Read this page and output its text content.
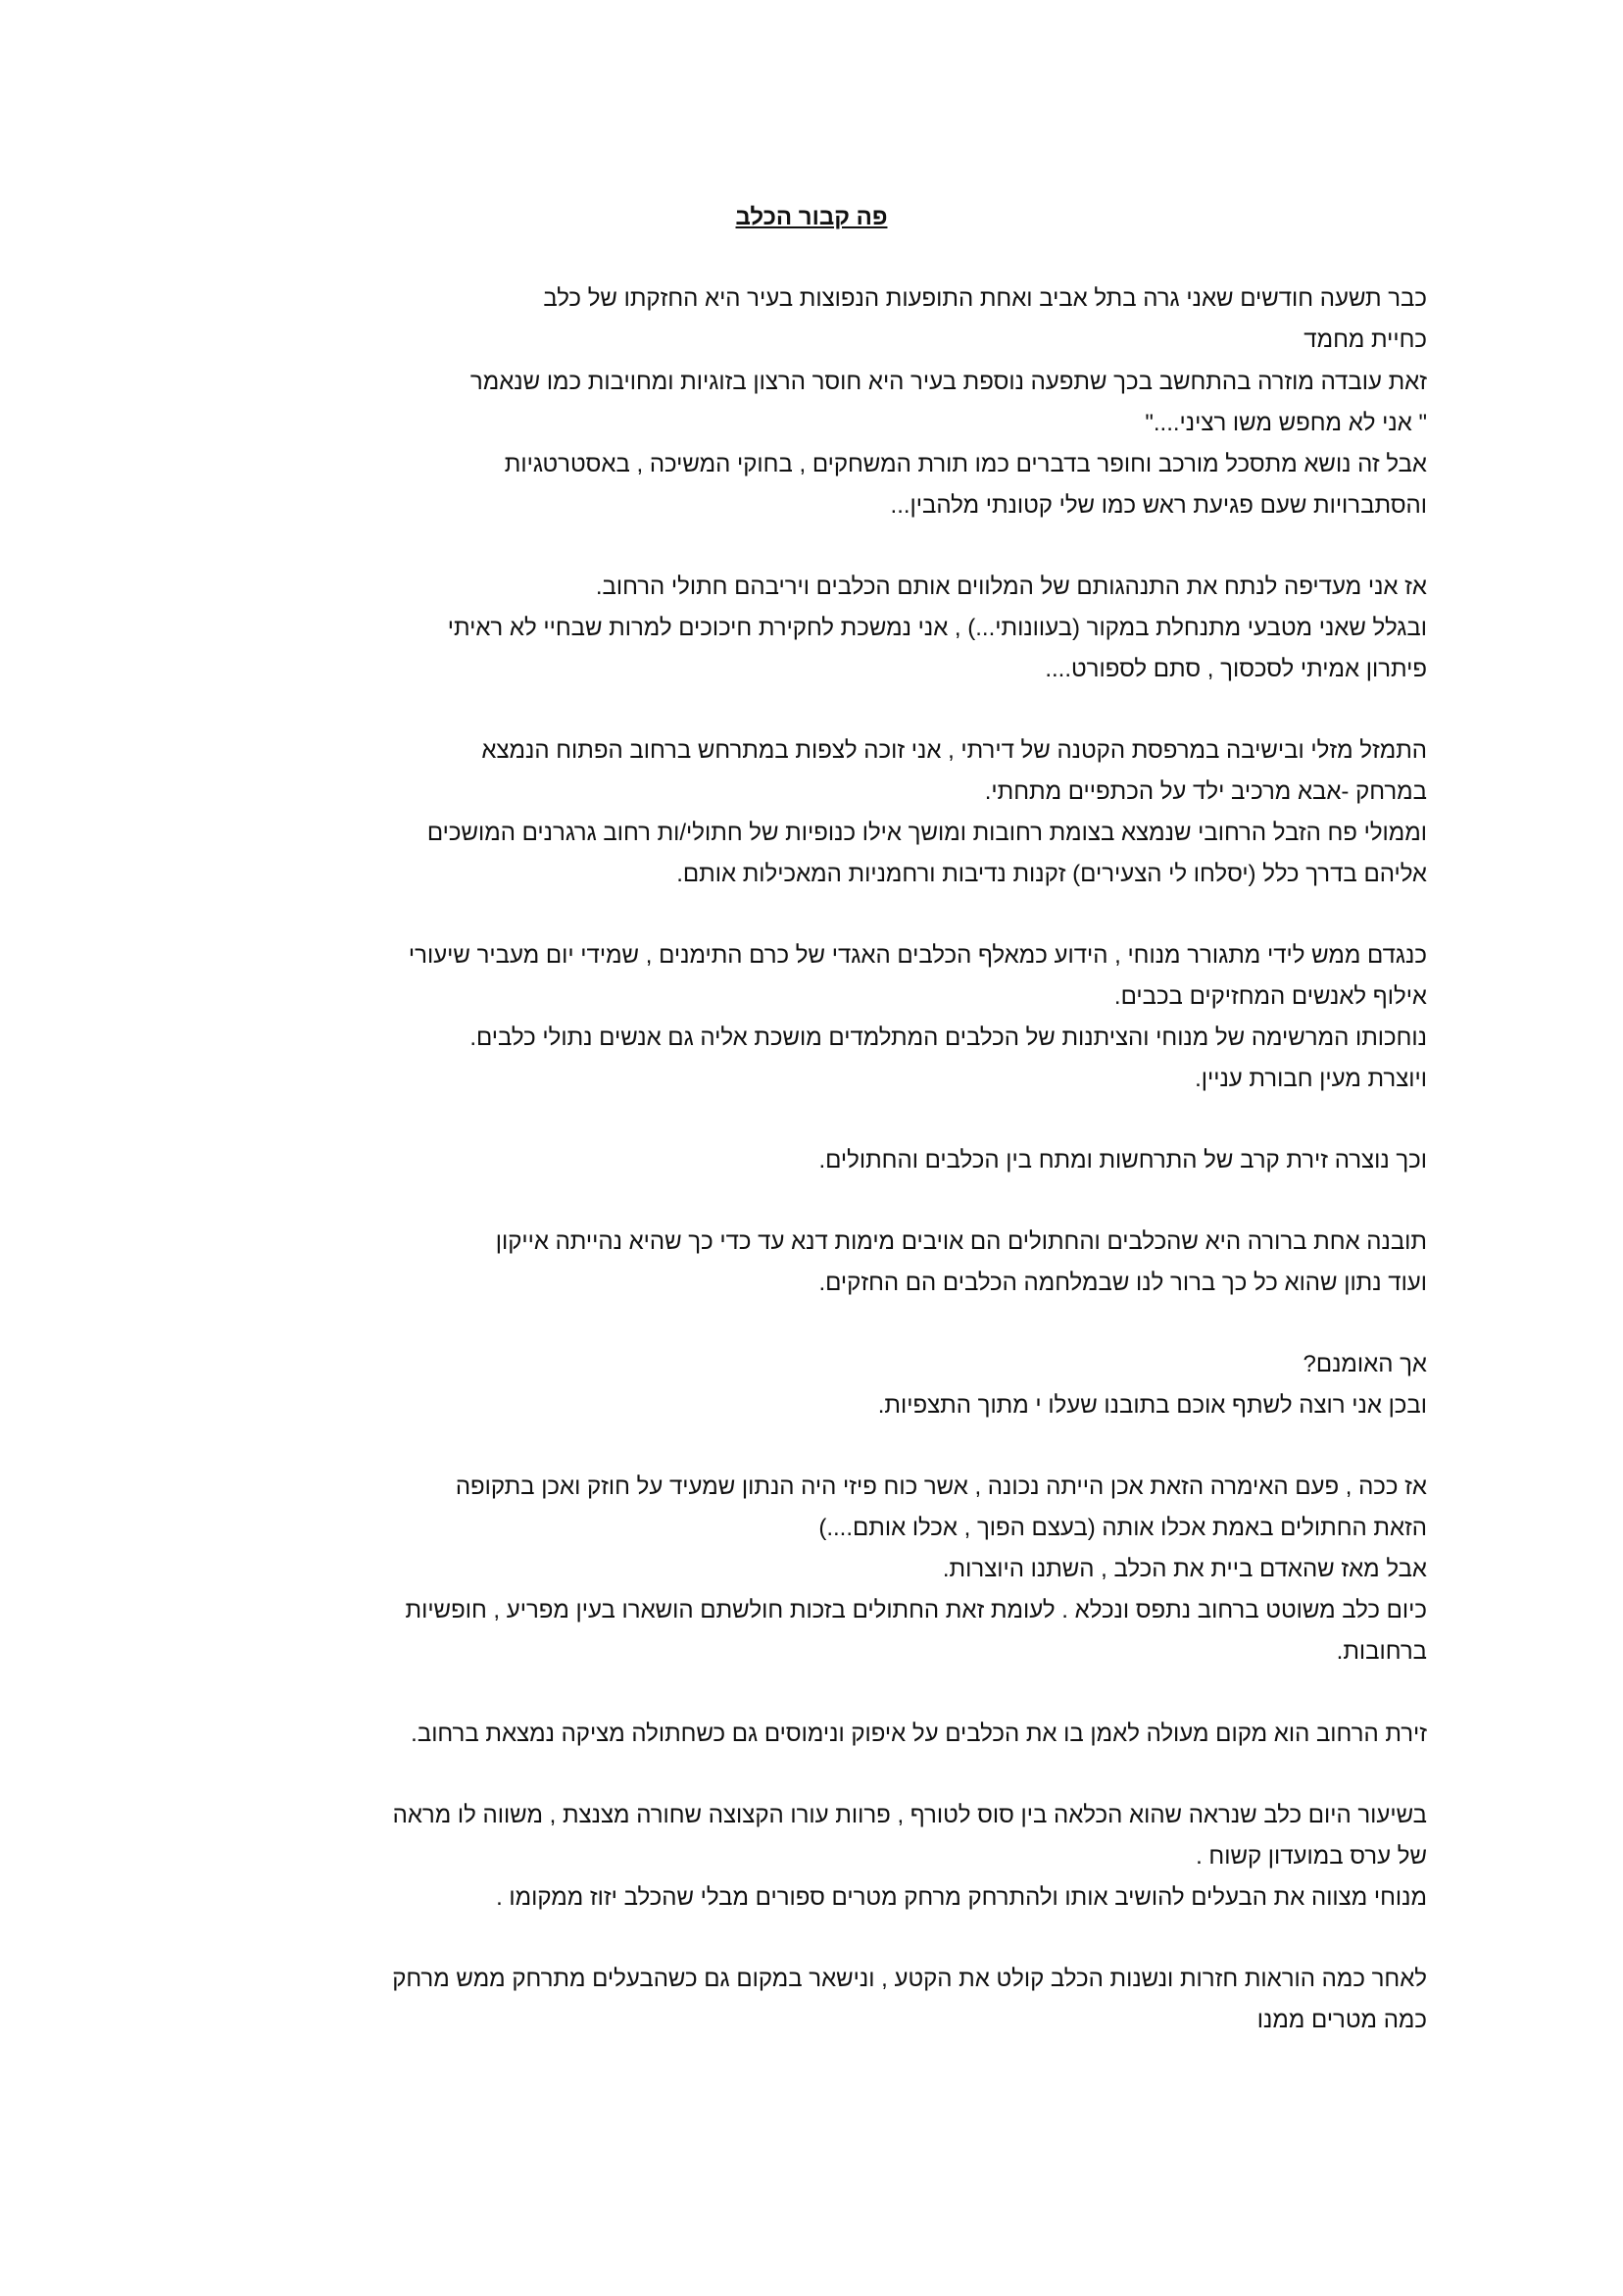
פה קבור הכלב
כבר תשעה חודשים שאני גרה בתל אביב ואחת התופעות הנפוצות בעיר היא החזקתו של כלב
כחיית מחמד
זאת עובדה מוזרה בהתחשב בכך שתפעה נוספת בעיר היא חוסר הרצון בזוגיות ומחויבות כמו שנאמר
" אני לא מחפש משו רציני...."
אבל זה נושא מתסכל מורכב וחופר בדברים כמו תורת המשחקים , בחוקי המשיכה , באסטרטגיות
והסתברויות שעם פגיעת ראש כמו שלי קטונתי מלהבין...
אז אני מעדיפה לנתח את התנהגותם של המלווים אותם הכלבים ויריבהם חתולי הרחוב.
ובגלל שאני מטבעי מתנחלת במקור (בעוונותי...) , אני נמשכת לחקירת חיכוכים למרות שבחיי לא ראיתי
פיתרון אמיתי לסכסוך , סתם לספורט....
התמזל מזלי ובישיבה במרפסת הקטנה של דירתי , אני זוכה לצפות במתרחש ברחוב הפתוח הנמצא
במרחק -אבא מרכיב ילד על הכתפיים מתחתי.
וממולי פח הזבל הרחובי שנמצא בצומת רחובות ומושך אילו כנופיות של חתולי/ות רחוב גרגרנים המושכים
אליהם בדרך כלל (יסלחו לי הצעירים) זקנות נדיבות ורחמניות המאכילות אותם.
כנגדם ממש לידי מתגורר מנוחי , הידוע כמאלף הכלבים האגדי של כרם התימנים , שמידי יום מעביר שיעורי
אילוף לאנשים המחזיקים בכבים.
נוחכותו המרשימה של מנוחי והציתנות של הכלבים המתלמדים מושכת אליה גם אנשים נתולי כלבים.
ויוצרת מעין חבורת עניין.
וכך נוצרה זירת קרב של התרחשות ומתח בין הכלבים והחתולים.
תובנה אחת ברורה היא שהכלבים והחתולים הם אויבים מימות דנא עד כדי כך שהיא נהייתה אייקון
ועוד נתון שהוא כל כך ברור לנו שבמלחמה הכלבים הם החזקים.
אך האומנם?
ובכן אני רוצה לשתף אוכם בתובנו שעלו י מתוך התצפיות.
אז ככה , פעם האימרה הזאת אכן הייתה נכונה , אשר כוח פיזי היה הנתון שמעיד על חוזק ואכן בתקופה
הזאת החתולים באמת אכלו אותה (בעצם הפוך , אכלו אותם....)
אבל מאז שהאדם ביית את הכלב , השתנו היוצרות.
כיום כלב משוטט ברחוב נתפס ונכלא . לעומת זאת החתולים בזכות חולשתם הושארו בעין מפריע , חופשיות
ברחובות.
זירת הרחוב הוא מקום מעולה לאמן בו את הכלבים על איפוק ונימוסים גם כשחתולה מציקה נמצאת ברחוב.
בשיעור היום כלב שנראה שהוא הכלאה בין סוס לטורף , פרוות עורו הקצוצה שחורה מצנצת , משווה לו מראה
של ערס במועדון קשוח .
מנוחי מצווה את הבעלים להושיב אותו ולהתרחק מרחק מטרים ספורים מבלי שהכלב יזוז ממקומו .
לאחר כמה הוראות חזרות ונשנות הכלב קולט את הקטע , ונישאר במקום גם כשהבעלים מתרחק ממש מרחק
כמה מטרים ממנו
